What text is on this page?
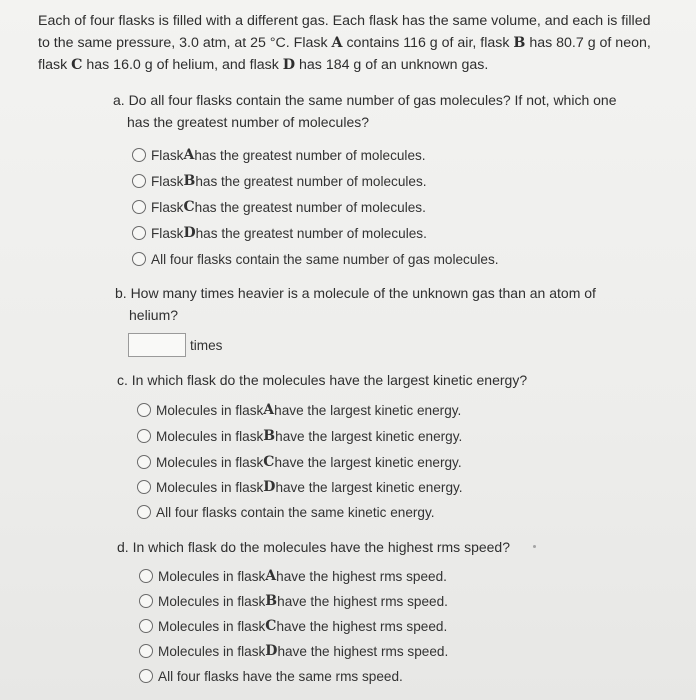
Each of four flasks is filled with a different gas. Each flask has the same volume, and each is filled to the same pressure, 3.0 atm, at 25 °C. Flask A contains 116 g of air, flask B has 80.7 g of neon, flask C has 16.0 g of helium, and flask D has 184 g of an unknown gas.
a. Do all four flasks contain the same number of gas molecules? If not, which one
has the greatest number of molecules?
Flask A has the greatest number of molecules.
Flask B has the greatest number of molecules.
Flask C has the greatest number of molecules.
Flask D has the greatest number of molecules.
All four flasks contain the same number of gas molecules.
b. How many times heavier is a molecule of the unknown gas than an atom of
helium?
times
c. In which flask do the molecules have the largest kinetic energy?
Molecules in flask A have the largest kinetic energy.
Molecules in flask B have the largest kinetic energy.
Molecules in flask C have the largest kinetic energy.
Molecules in flask D have the largest kinetic energy.
All four flasks contain the same kinetic energy.
d. In which flask do the molecules have the highest rms speed?
Molecules in flask A have the highest rms speed.
Molecules in flask B have the highest rms speed.
Molecules in flask C have the highest rms speed.
Molecules in flask D have the highest rms speed.
All four flasks have the same rms speed.
